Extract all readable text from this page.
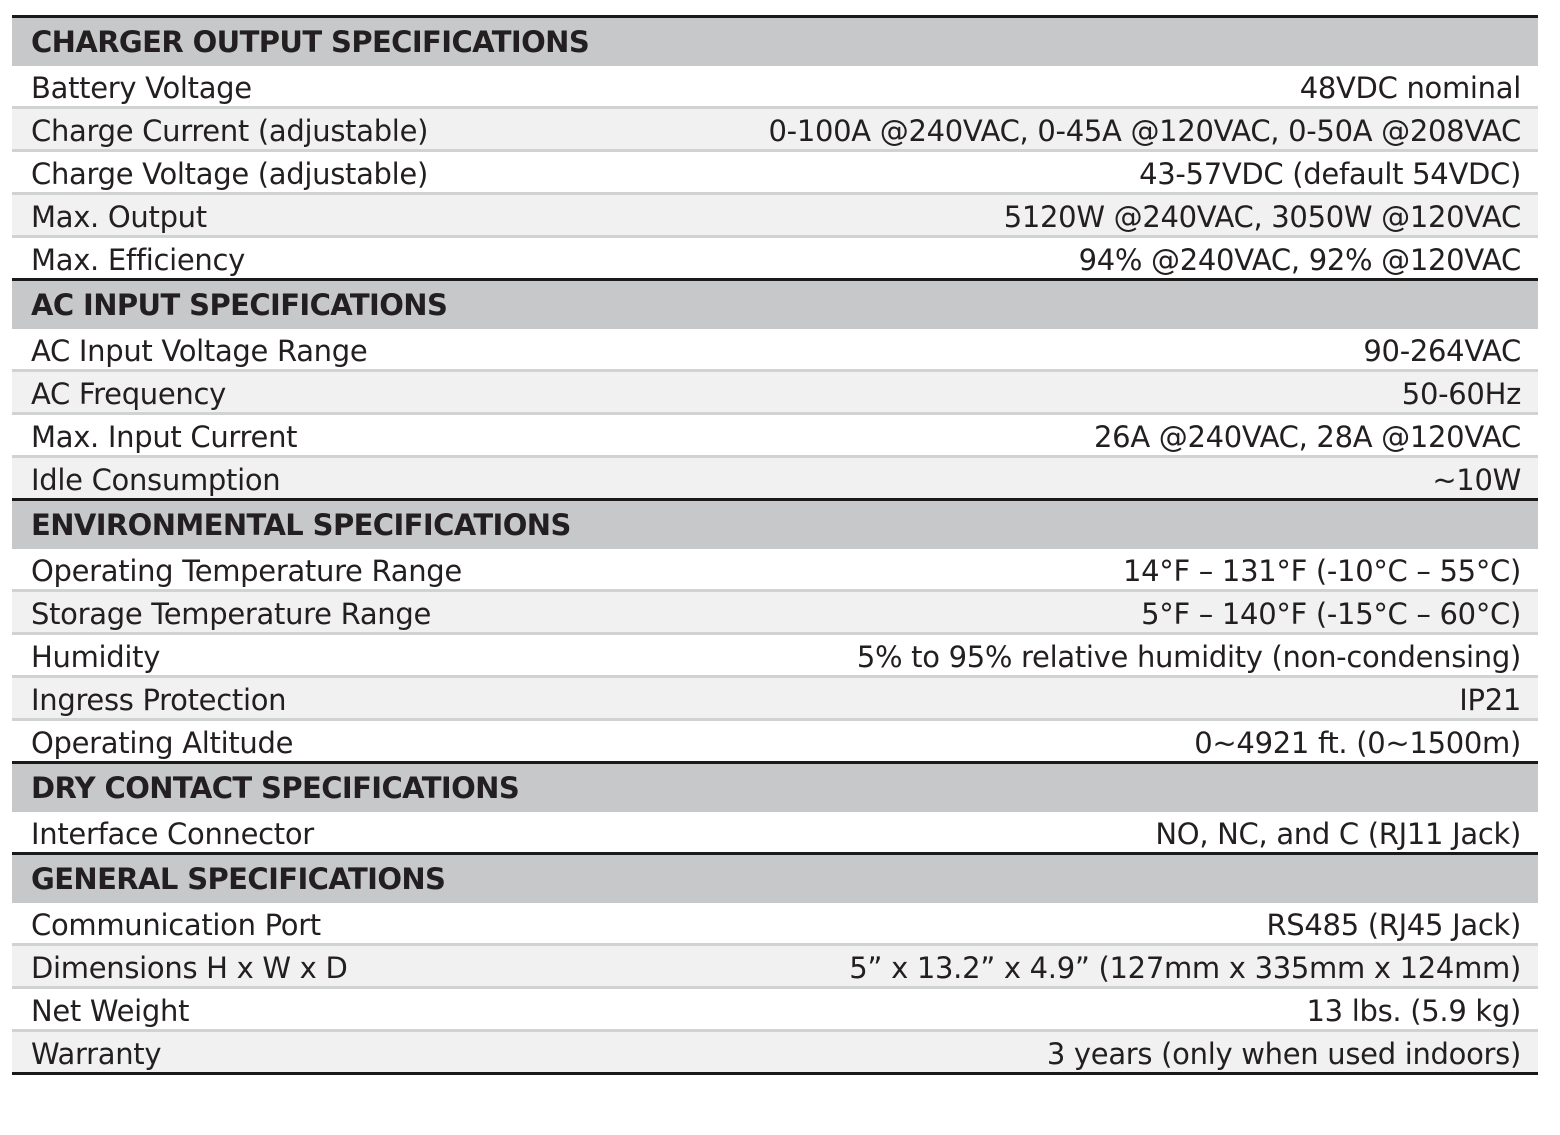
CHARGER OUTPUT SPECIFICATIONS
Battery Voltage	48VDC nominal
Charge Current (adjustable)	0-100A @240VAC, 0-45A @120VAC, 0-50A @208VAC
Charge Voltage (adjustable)	43-57VDC (default 54VDC)
Max. Output	5120W @240VAC, 3050W @120VAC
Max. Efficiency	94% @240VAC, 92% @120VAC
AC INPUT SPECIFICATIONS
AC Input Voltage Range	90-264VAC
AC Frequency	50-60Hz
Max. Input Current	26A @240VAC, 28A @120VAC
Idle Consumption	~10W
ENVIRONMENTAL SPECIFICATIONS
Operating Temperature Range	14°F – 131°F (-10°C – 55°C)
Storage Temperature Range	5°F – 140°F (-15°C – 60°C)
Humidity	5% to 95% relative humidity (non-condensing)
Ingress Protection	IP21
Operating Altitude	0~4921 ft. (0~1500m)
DRY CONTACT SPECIFICATIONS
Interface Connector	NO, NC, and C (RJ11 Jack)
GENERAL SPECIFICATIONS
Communication Port	RS485 (RJ45 Jack)
Dimensions H x W x D	5” x 13.2” x 4.9” (127mm x 335mm x 124mm)
Net Weight	13 lbs. (5.9 kg)
Warranty	3 years (only when used indoors)
